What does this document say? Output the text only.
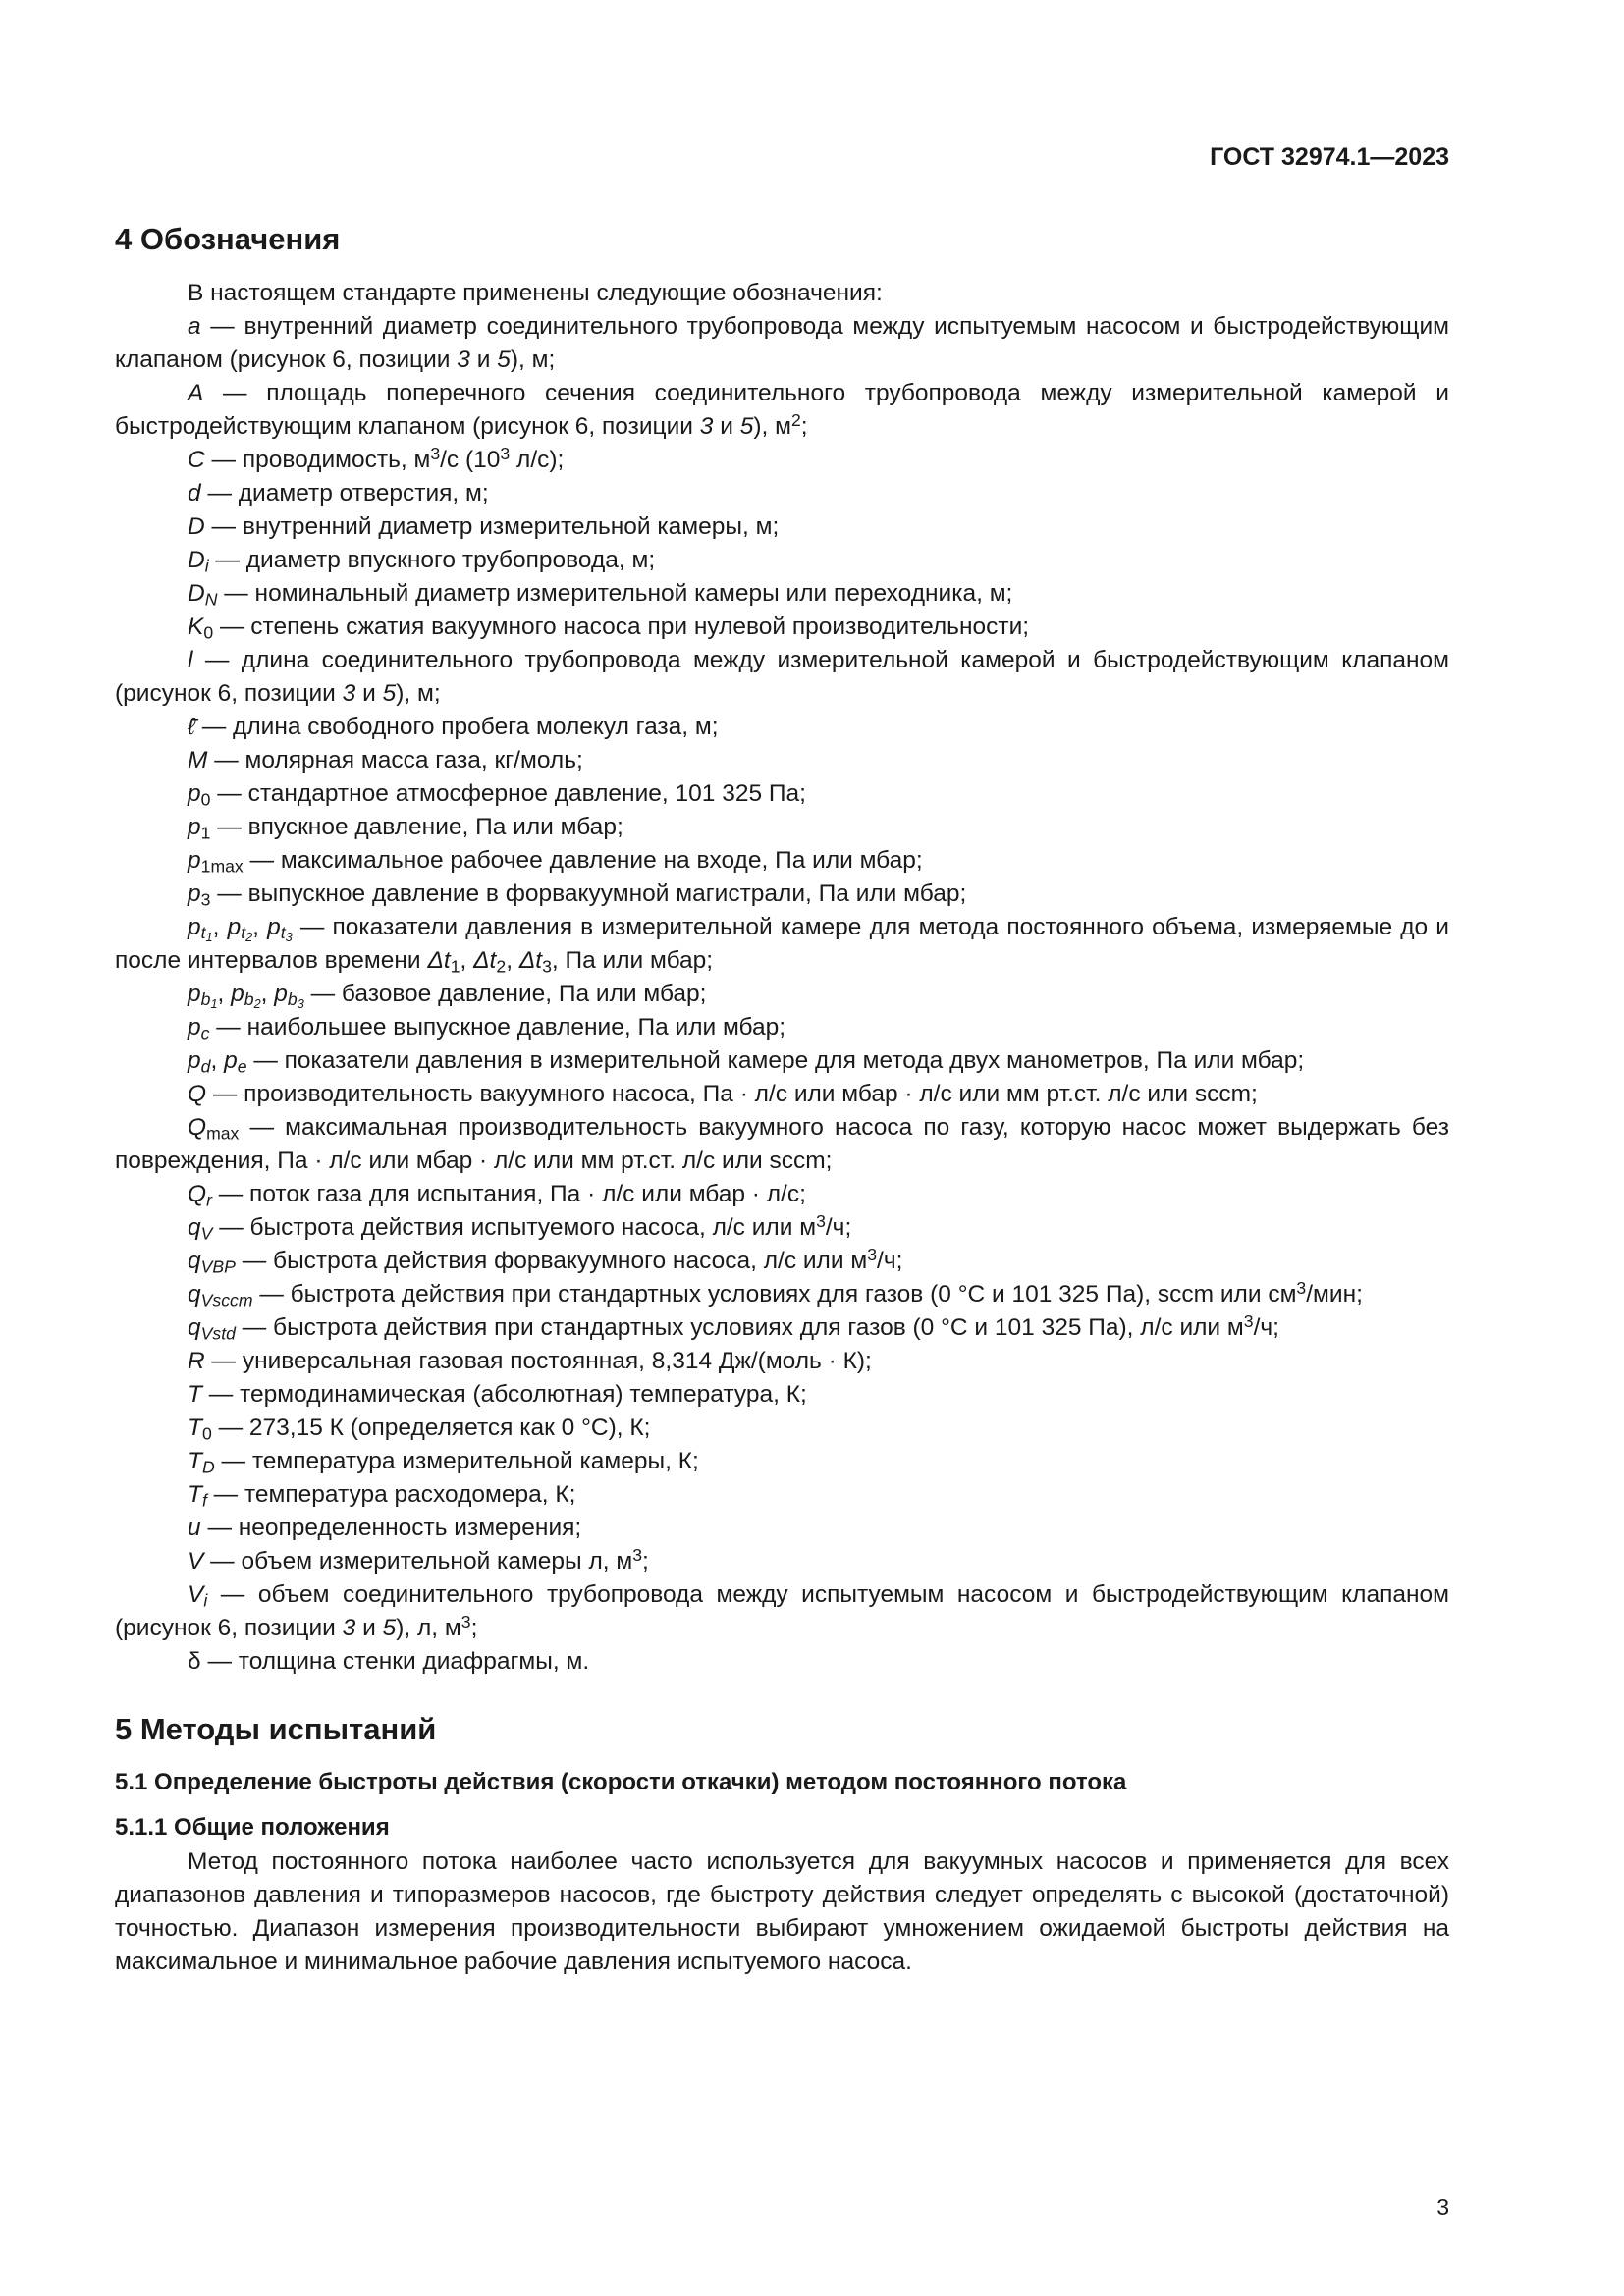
ГОСТ 32974.1—2023
4 Обозначения
В настоящем стандарте применены следующие обозначения:
a — внутренний диаметр соединительного трубопровода между испытуемым насосом и быстродействующим клапаном (рисунок 6, позиции 3 и 5), м;
A — площадь поперечного сечения соединительного трубопровода между измерительной камерой и быстродействующим клапаном (рисунок 6, позиции 3 и 5), $м^2$;
C — проводимость, $м^3/с$ ($10^3$ л/с);
d — диаметр отверстия, м;
D — внутренний диаметр измерительной камеры, м;
$D_i$ — диаметр впускного трубопровода, м;
$D_N$ — номинальный диаметр измерительной камеры или переходника, м;
$K_0$ — степень сжатия вакуумного насоса при нулевой производительности;
l — длина соединительного трубопровода между измерительной камерой и быстродействующим клапаном (рисунок 6, позиции 3 и 5), м;
ℓ̄ — длина свободного пробега молекул газа, м;
M — молярная масса газа, кг/моль;
$p_0$ — стандартное атмосферное давление, 101 325 Па;
$p_1$ — впускное давление, Па или мбар;
$p_{1max}$ — максимальное рабочее давление на входе, Па или мбар;
$p_3$ — выпускное давление в форвакуумной магистрали, Па или мбар;
$p_{t_1}$, $p_{t_2}$, $p_{t_3}$ — показатели давления в измерительной камере для метода постоянного объема, измеряемые до и после интервалов времени $\Delta t_1$, $\Delta t_2$, $\Delta t_3$, Па или мбар;
$p_{b_1}$, $p_{b_2}$, $p_{b_3}$ — базовое давление, Па или мбар;
$p_c$ — наибольшее выпускное давление, Па или мбар;
$p_d$, $p_e$ — показатели давления в измерительной камере для метода двух манометров, Па или мбар;
Q — производительность вакуумного насоса, Па · л/с или мбар · л/с или мм рт.ст. л/с или sccm;
$Q_{max}$ — максимальная производительность вакуумного насоса по газу, которую насос может выдержать без повреждения, Па · л/с или мбар · л/с или мм рт.ст. л/с или sccm;
$Q_r$ — поток газа для испытания, Па · л/с или мбар · л/с;
$q_V$ — быстрота действия испытуемого насоса, л/с или $м^3/ч$;
$q_{VBP}$ — быстрота действия форвакуумного насоса, л/с или $м^3/ч$;
$q_{Vsccm}$ — быстрота действия при стандартных условиях для газов (0 °С и 101 325 Па), sccm или $см^3$/мин;
$q_{Vstd}$ — быстрота действия при стандартных условиях для газов (0 °С и 101 325 Па), л/с или $м^3/ч$;
R — универсальная газовая постоянная, 8,314 Дж/(моль · К);
T — термодинамическая (абсолютная) температура, К;
$T_0$ — 273,15 К (определяется как 0 °С), К;
$T_D$ — температура измерительной камеры, К;
$T_f$ — температура расходомера, К;
u — неопределенность измерения;
V — объем измерительной камеры л, $м^3$;
$V_i$ — объем соединительного трубопровода между испытуемым насосом и быстродействующим клапаном (рисунок 6, позиции 3 и 5), л, $м^3$;
δ — толщина стенки диафрагмы, м.
5 Методы испытаний
5.1 Определение быстроты действия (скорости откачки) методом постоянного потока
5.1.1 Общие положения
Метод постоянного потока наиболее часто используется для вакуумных насосов и применяется для всех диапазонов давления и типоразмеров насосов, где быстроту действия следует определять с высокой (достаточной) точностью. Диапазон измерения производительности выбирают умножением ожидаемой быстроты действия на максимальное и минимальное рабочие давления испытуемого насоса.
3
